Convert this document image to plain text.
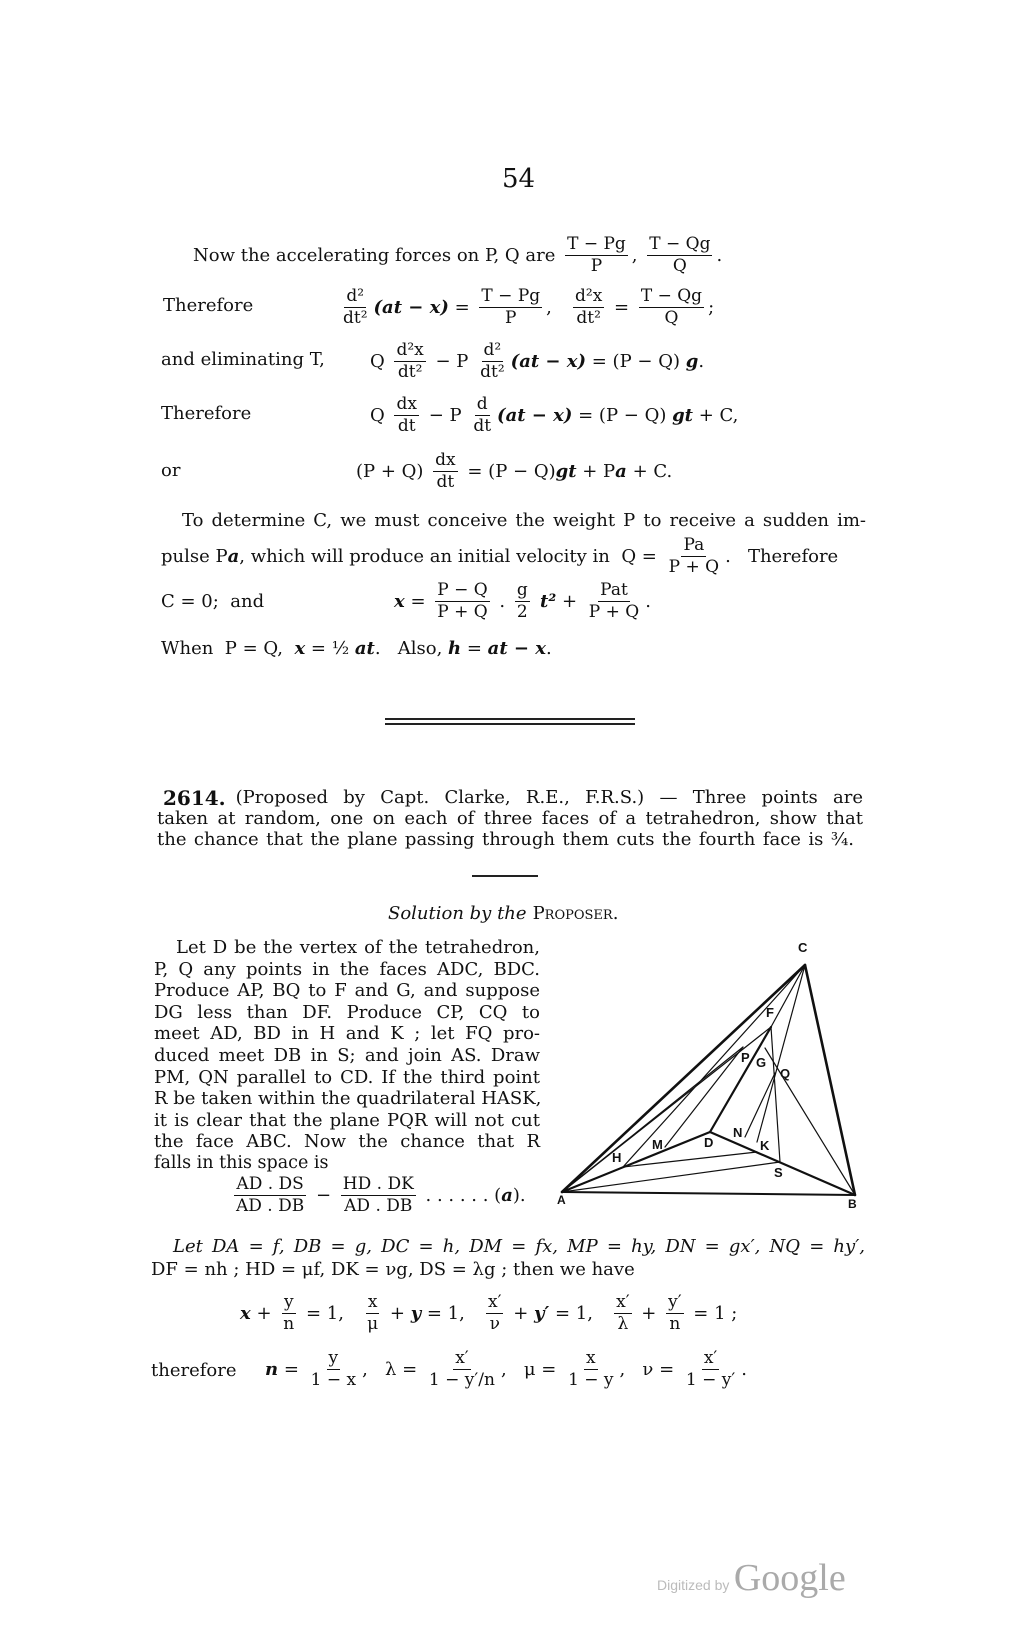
54
Now the accelerating forces on P, Q are $\frac{T - Pg}{P}$ , $\frac{T - Qg}{Q}$ .
Therefore	$\frac{\text{d²}}{\text{dt²}} (at - x) = \frac{T - Pg}{P}$ , $\frac{\text{d²x}}{\text{dt²}} = \frac{T - Qg}{Q}$ ;
and eliminating T,	Q $\frac{\text{d²x}}{\text{dt²}} - P \frac{\text{d²}}{\text{dt²}} (at - x) = (P - Q)$ g .
Therefore	Q $\frac{dx}{dt} - P \frac{d}{dt} (at - x) = (P - Q)$ gt + C,
or	$(P + Q) \frac{dx}{dt} = (P - Q)$ gt + P a + C.
To determine C, we must conceive the weight P to receive a sudden im-
pulse P a , which will produce an initial velocity in  $Q = \frac{Pa}{P + Q}$ .   Therefore
C = 0;  and	$x = \frac{P - Q}{P + Q}$ . $\frac{g}{2} t^2 + \frac{\text{Pat}}{P + Q}$ .
When  P = Q, x = ½ at .   Also, h = at − x .
2614. (Proposed by Capt. Clarke, R.E., F.R.S.) — Three points are
taken at random, one on each of three faces of a tetrahedron, show that
the chance that the plane passing through them cuts the fourth face is ¾.
Solution by the Proposer.
Let D be the vertex of the tetrahedron,
P, Q any points in the faces ADC, BDC.
Produce AP, BQ to F and G, and suppose
DG less than DF. Produce CP, CQ to
meet AD, BD in H and K ; let FQ pro-
duced meet DB in S; and join AS. Draw
PM, QN parallel to CD. If the third point
R be taken within the quadrilateral HASK,
it is clear that the plane PQR will not cut
the face ABC. Now the chance that R
falls in this space is
$\frac{AD . DS}{AD . DB} - \frac{HD . DK}{AD . DB}$ . . . . . . ( a ).
C
F
P G
Q
D
N
K
M
H
S
A	B
Let DA = f, DB = g, DC = h, DM = fx, MP = hy, DN = gx′, NQ = hy′,
DF = nh ; HD = μf, DK = νg, DS = λg ; then we have
$x + \frac{y}{n} = 1$, $\frac{x}{\mu} + y = 1$, $\frac{x'}{\nu} + y' = 1$, $\frac{x'}{\lambda} + \frac{y'}{n} = 1$ ;
therefore $n = \frac{y}{1 - x}$ ,   $\lambda = \frac{x'}{1 - y'/n}$ ,   $\mu = \frac{x}{1 - y}$ ,   $\nu = \frac{x'}{1 - y'}$ .
Digitized by Google
